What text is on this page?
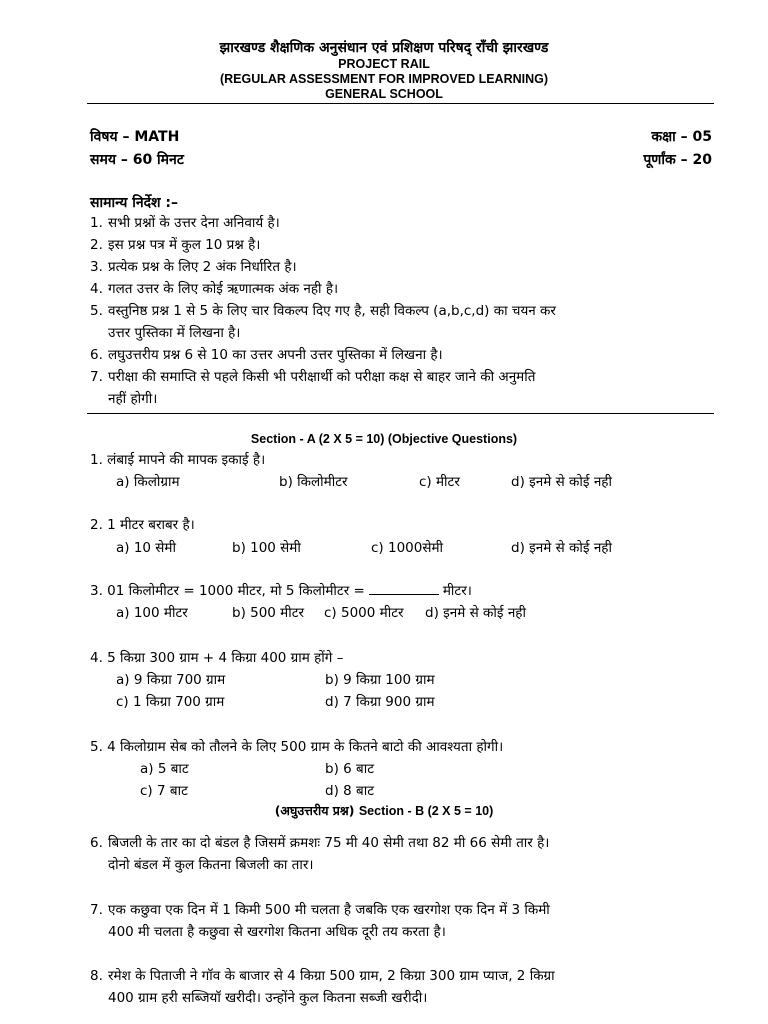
झारखण्ड शैक्षणिक अनुसंधान एवं प्रशिक्षण परिषद् राँची झारखण्ड
PROJECT RAIL
(REGULAR ASSESSMENT FOR IMPROVED LEARNING)
GENERAL SCHOOL
विषय – MATH
समय – 60 मिनट
कक्षा – 05
पूर्णांक – 20
सामान्य निर्देश :–
1. सभी प्रश्नों के उत्तर देना अनिवार्य है।
2. इस प्रश्न पत्र में कुल 10 प्रश्न है।
3. प्रत्येक प्रश्न के लिए 2 अंक निर्धारित है।
4. गलत उत्तर के लिए कोई ऋणात्मक अंक नही है।
5. वस्तुनिष्ठ प्रश्न 1 से 5 के लिए चार विकल्प दिए गए है, सही विकल्प (a,b,c,d) का चयन कर
उत्तर पुस्तिका में लिखना है।
6. लघुउत्तरीय प्रश्न 6 से 10 का उत्तर अपनी उत्तर पुस्तिका में लिखना है।
7. परीक्षा की समाप्ति से पहले किसी भी परीक्षार्थी को परीक्षा कक्ष से बाहर जाने की अनुमति
नहीं होगी।
Section - A (2 X 5 = 10) (Objective Questions)
1. लंबाई मापने की मापक इकाई है।
a) किलोग्राम	b) किलोमीटर	c) मीटर	d) इनमे से कोई नही
2. 1 मीटर बराबर है।
a) 10 सेमी	b) 100 सेमी	c) 1000सेमी	d) इनमे से कोई नही
3. 01 किलोमीटर = 1000 मीटर, मो 5 किलोमीटर =	मीटर।
a) 100 मीटर	b) 500 मीटर c) 5000 मीटर d) इनमे से कोई नही
4. 5 किग्रा 300 ग्राम + 4 किग्रा 400 ग्राम होंगे –
a) 9 किग्रा 700 ग्राम	b) 9 किग्रा 100 ग्राम
c) 1 किग्रा 700 ग्राम	d) 7 किग्रा 900 ग्राम
5. 4 किलोग्राम सेब को तौलने के लिए 500 ग्राम के कितने बाटो की आवश्यता होगी।
a) 5 बाट	b) 6 बाट
c) 7 बाट	d) 8 बाट
(अघुउत्तरीय प्रश्न) Section - B (2 X 5 = 10)
6. बिजली के तार का दो बंडल है जिसमें क्रमशः 75 मी 40 सेमी तथा 82 मी 66 सेमी तार है।
दोनो बंडल में कुल कितना बिजली का तार।
7. एक कछुवा एक दिन में 1 किमी 500 मी चलता है जबकि एक खरगोश एक दिन में 3 किमी
400 मी चलता है कछुवा से खरगोश कितना अधिक दूरी तय करता है।
8. रमेश के पिताजी ने गॉव के बाजार से 4 किग्रा 500 ग्राम, 2 किग्रा 300 ग्राम प्याज, 2 किग्रा
400 ग्राम हरी सब्जियॉ खरीदी। उन्होंने कुल कितना सब्जी खरीदी।
